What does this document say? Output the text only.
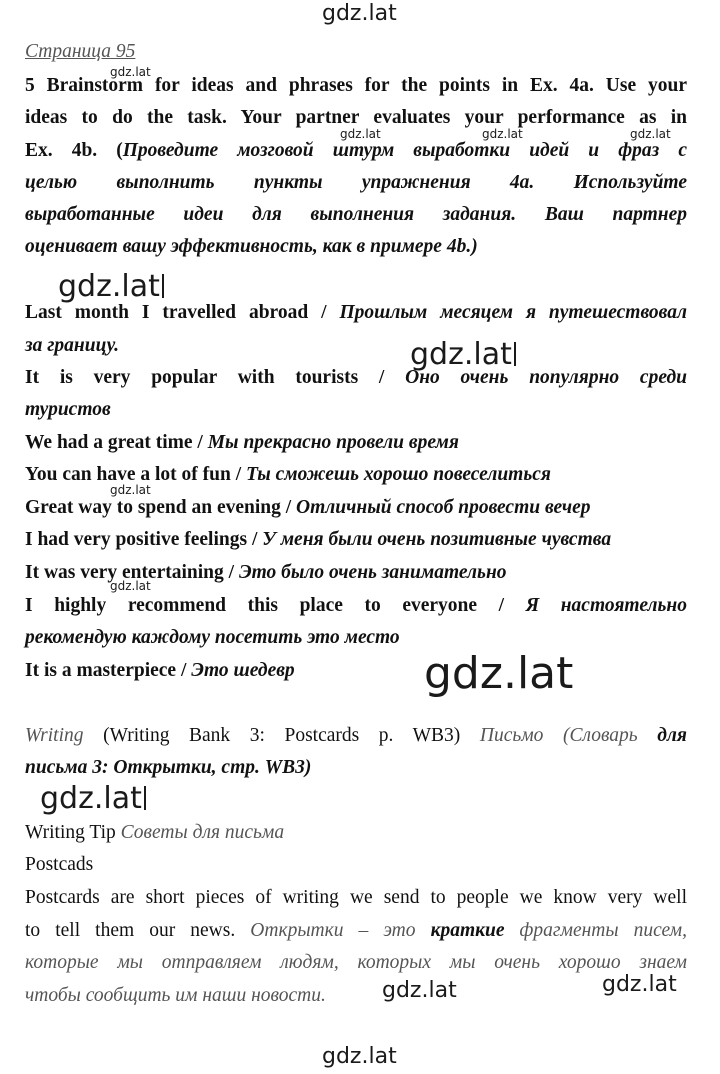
gdz.lat
gdz.lat
gdz.lat	gdz.lat	gdz.lat
gdz.lat
gdz.lat
gdz.lat
gdz.lat
gdz.lat
gdz.lat
gdz.lat	gdz.lat
gdz.lat
Страница 95
5 Brainstorm for ideas and phrases for the points in Ex. 4a. Use your
ideas to do the task. Your partner evaluates your performance as in
Ex. 4b. (Проведите мозговой штурм выработки идей и фраз с
целью выполнить пункты упражнения 4a. Используйте
выработанные идеи для выполнения задания. Ваш партнер
оценивает вашу эффективность, как в примере 4b.)
Last month I travelled abroad / Прошлым месяцем я путешествовал
за границу.
It is very popular with tourists / Оно очень популярно среди
туристов
We had a great time / Мы прекрасно провели время
You can have a lot of fun / Ты сможешь хорошо повеселиться
Great way to spend an evening / Отличный способ провести вечер
I had very positive feelings / У меня были очень позитивные чувства
It was very entertaining / Это было очень занимательно
I highly recommend this place to everyone / Я настоятельно
рекомендую каждому посетить это место
It is a masterpiece / Это шедевр
Writing (Writing Bank 3: Postcards p. WB3) Письмо (Словарь для
письма 3: Открытки, стр. WB3)
Writing Tip Советы для письма
Postcads
Postcards are short pieces of writing we send to people we know very well
to tell them our news. Открытки – это краткие фрагменты писем,
которые мы отправляем людям, которых мы очень хорошо знаем
чтобы сообщить им наши новости.
